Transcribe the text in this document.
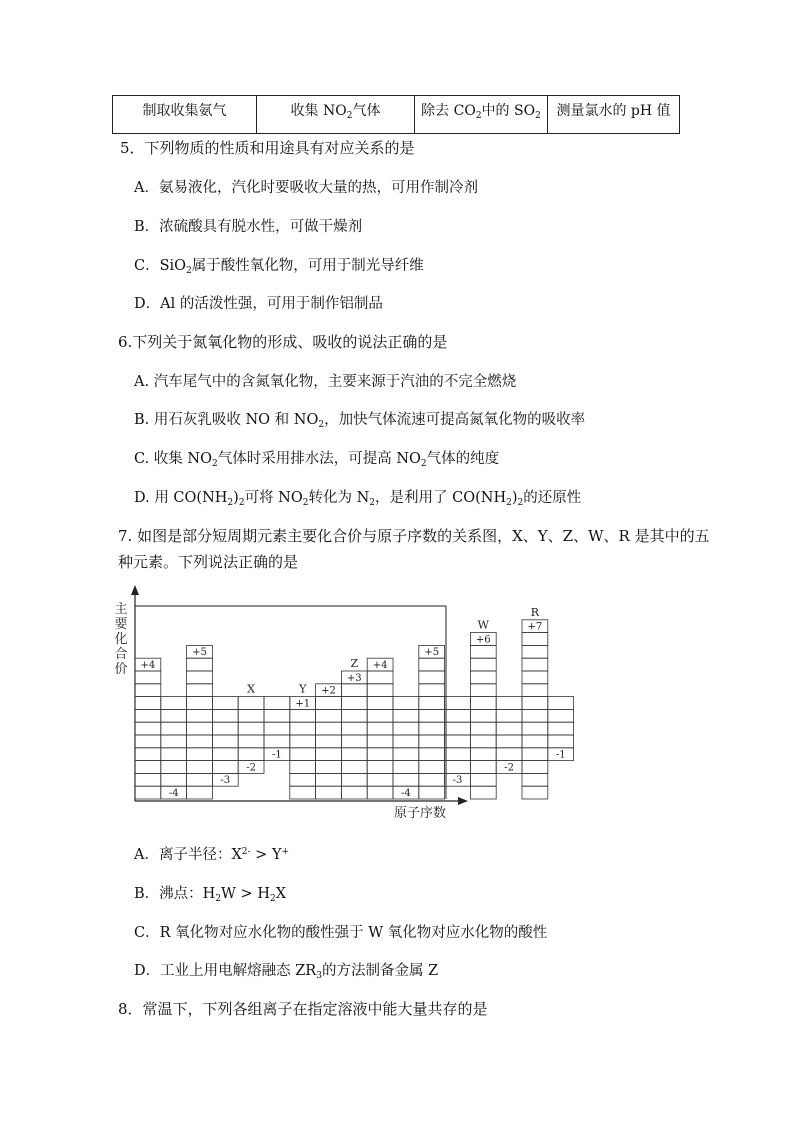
制取收集氨气	收集 $NO_2$气体	除去 $CO_2$中的 $SO_2$	测量氯水的 pH 值
5．下列物质的性质和用途具有对应关系的是
A．氨易液化，汽化时要吸收大量的热，可用作制冷剂
B．浓硫酸具有脱水性，可做干燥剂
C．SiO$_2$属于酸性氧化物，可用于制光导纤维
D．Al 的活泼性强，可用于制作铝制品
6.下列关于氮氧化物的形成、吸收的说法正确的是
A. 汽车尾气中的含氮氧化物，主要来源于汽油的不完全燃烧
B. 用石灰乳吸收 NO 和 $NO_2$，加快气体流速可提高氮氧化物的吸收率
C. 收集 $NO_2$气体时采用排水法，可提高 $NO_2$气体的纯度
D. 用 $CO(NH_2)_2$可将 $NO_2$转化为 $N_2$，是利用了 $CO(NH_2)_2$的还原性
7. 如图是部分短周期元素主要化合价与原子序数的关系图，X、Y、Z、W、R 是其中的五
种元素。下列说法正确的是
主
要
化
合
价
原子序数
+4
-4
+5
-3
-2
X
-1
+1
Y +2
+3
Z +4
-4
+5
-3
+6
W
-2
+7
R
-1
A．离子半径：$X^{2-} > Y^+$
B．沸点：$H_2W > H_2X$
C．R 氧化物对应水化物的酸性强于 W 氧化物对应水化物的酸性
D．工业上用电解熔融态 $ZR_3$的方法制备金属 Z
8．常温下，下列各组离子在指定溶液中能大量共存的是
